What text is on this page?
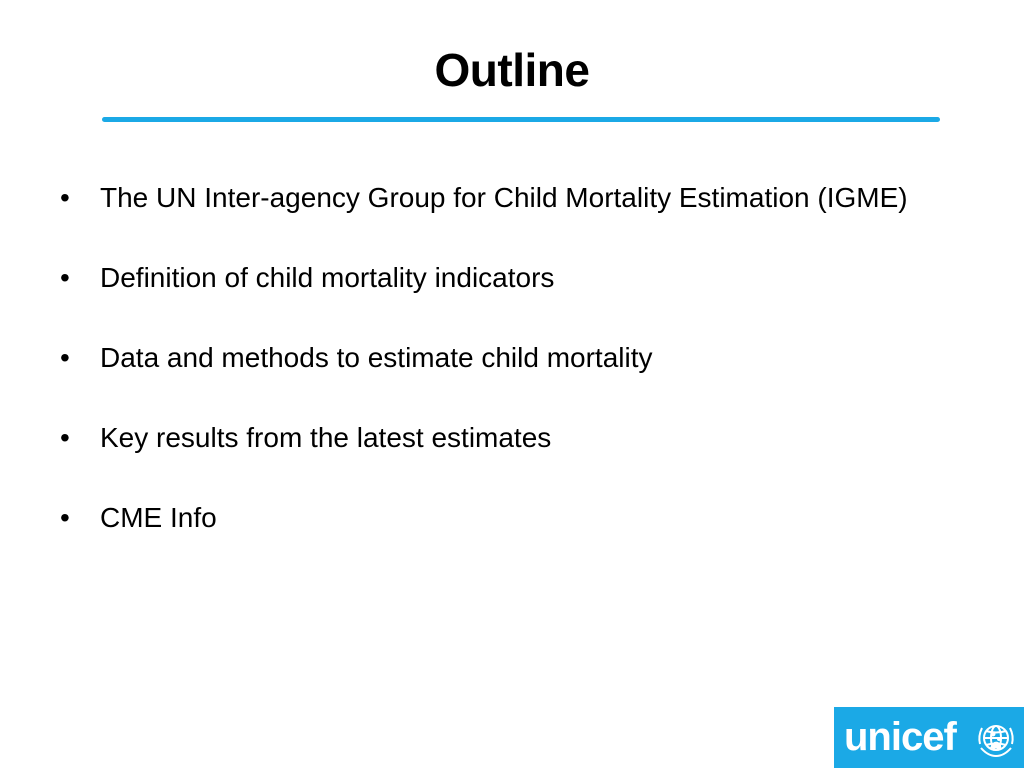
Outline
• The UN Inter-agency Group for Child Mortality Estimation (IGME)
• Definition of child mortality indicators
• Data and methods to estimate child mortality
• Key results from the latest estimates
• CME Info
unicef
